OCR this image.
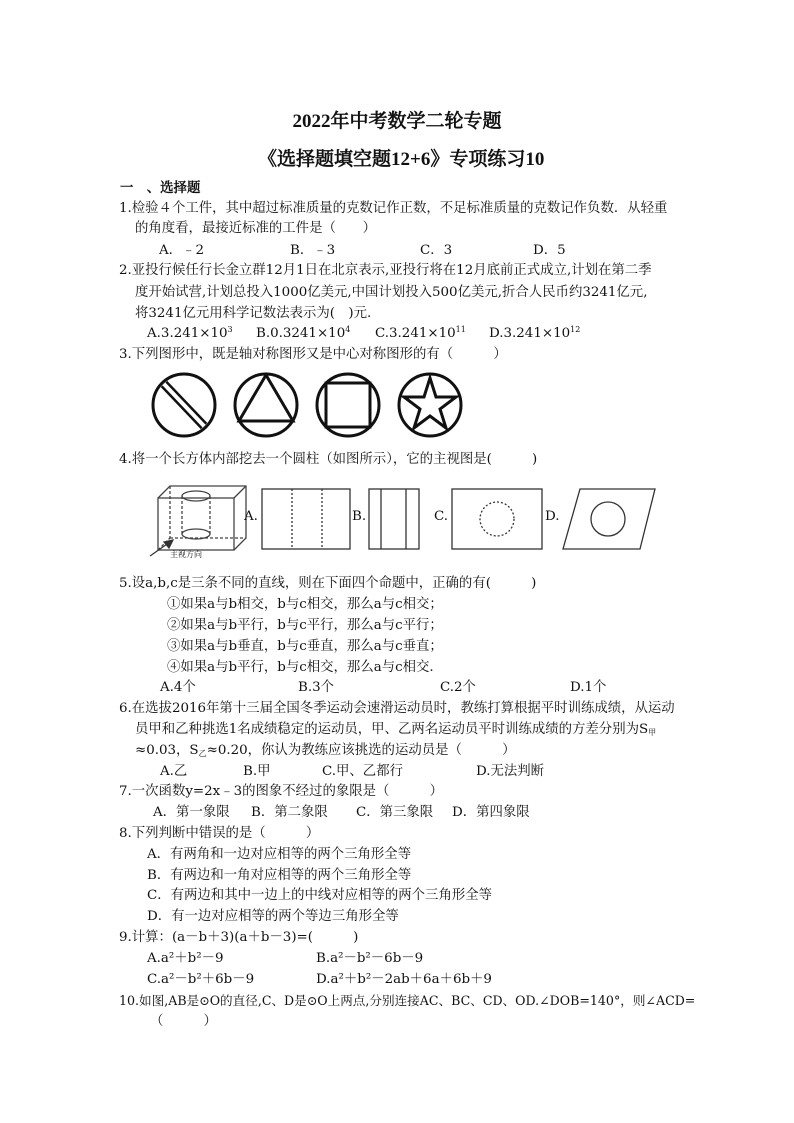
2022年中考数学二轮专题
《选择题填空题12+6》专项练习10
一　、选择题
1.检验４个工件，其中超过标准质量的克数记作正数，不足标准质量的克数记作负数．从轻重
的角度看，最接近标准的工件是（　　）
A．﹣2	B．﹣3	C．3	D．5
2.亚投行候任行长金立群12月1日在北京表示,亚投行将在12月底前正式成立,计划在第二季
度开始试营,计划总投入1000亿美元,中国计划投入500亿美元,折合人民币约3241亿元,
将3241亿元用科学记数法表示为(　)元.
$A.3.241\times 10^3$ $B.0.3241\times 10^4$ $C.3.241\times 10^{11}$ $D.3.241\times 10^{12}$
3.下列图形中，既是轴对称图形又是中心对称图形的有（　　　）
4.将一个长方体内部挖去一个圆柱（如图所示），它的主视图是(　　　)
主视方向
A.	B.	C.	D.
5.设a,b,c是三条不同的直线，则在下面四个命题中，正确的有(　　　)
①如果a与b相交，b与c相交，那么a与c相交；
②如果a与b平行，b与c平行，那么a与c平行；
③如果a与b垂直，b与c垂直，那么a与c垂直；
④如果a与b平行，b与c相交，那么a与c相交.
A.4个	B.3个	C.2个	D.1个
6.在选拔2016年第十三届全国冬季运动会速滑运动员时，教练打算根据平时训练成绩，从运动
员甲和乙种挑选1名成绩稳定的运动员，甲、乙两名运动员平时训练成绩的方差分别为$S_甲$
≈0.03，$S_乙\approx 0.20$，你认为教练应该挑选的运动员是（　　　）
A.乙	B.甲	C.甲、乙都行	D.无法判断
7.一次函数y=2x﹣3的图象不经过的象限是（　　　）
A．第一象限 B．第二象限 C．第三象限 D．第四象限
8.下列判断中错误的是（　　　）
A．有两角和一边对应相等的两个三角形全等
B．有两边和一角对应相等的两个三角形全等
C．有两边和其中一边上的中线对应相等的两个三角形全等
D．有一边对应相等的两个等边三角形全等
9.计算：(a－b＋3)(a＋b－3)=(　　　)
A.a²＋b²－9	B.a²－b²－6b－9
C.a²－b²＋6b－9	D.a²＋b²－2ab＋6a＋6b＋9
10.如图,AB是⊙O的直径,C、D是⊙O上两点,分别连接AC、BC、CD、OD.∠DOB=140°，则∠ACD=
（　　　）
